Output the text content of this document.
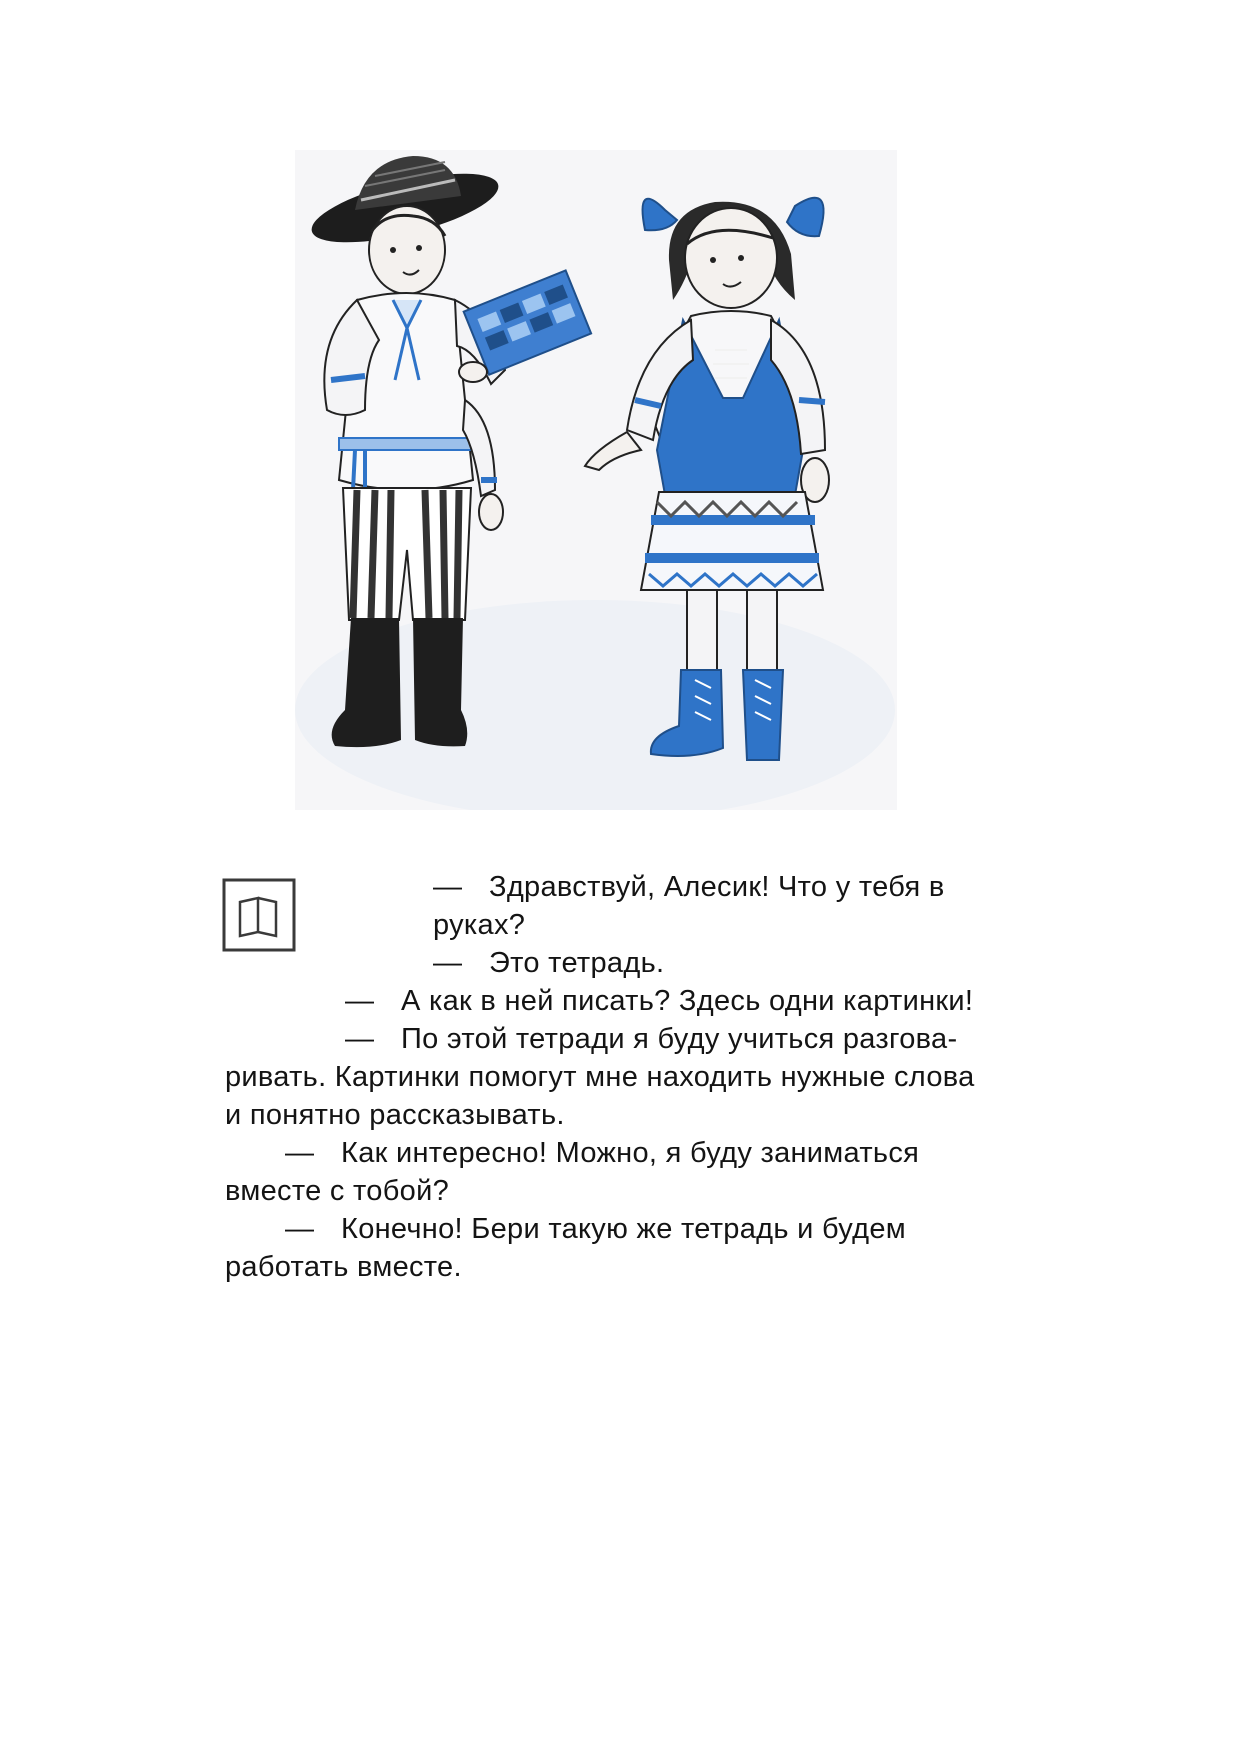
— Здравствуй, Алесик! Что у тебя в
руках?
— Это тетрадь.
— А как в ней писать? Здесь одни картинки!
— По этой тетради я буду учиться разгова-
ривать. Картинки помогут мне находить нужные слова
и понятно рассказывать.
— Как интересно! Можно, я буду заниматься
вместе с тобой?
— Конечно! Бери такую же тетрадь и будем
работать вместе.
